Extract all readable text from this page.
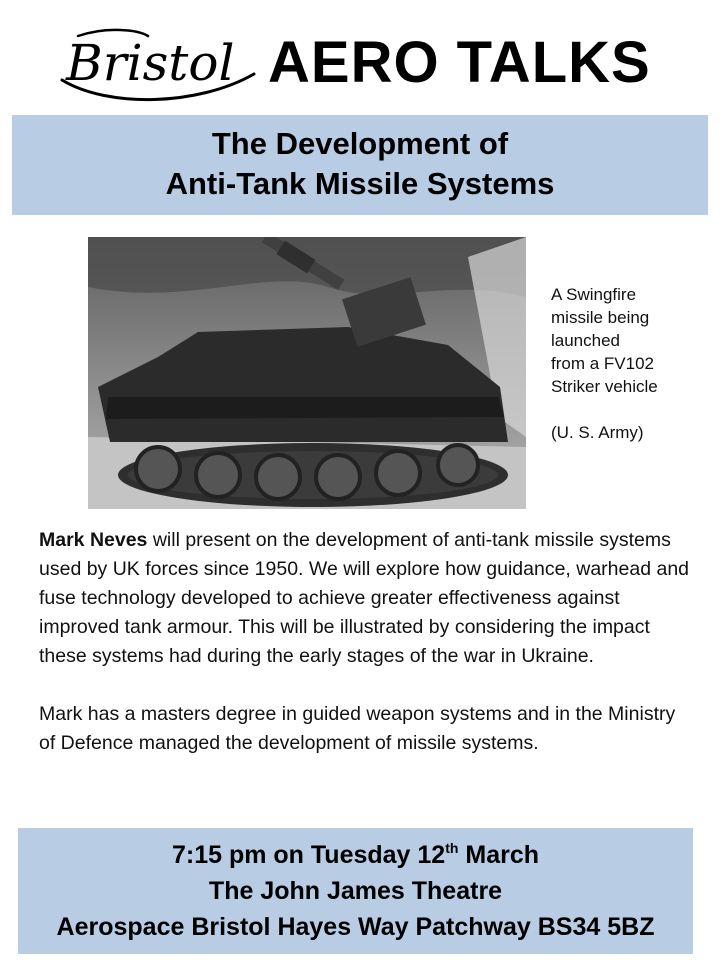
Bristol AERO TALKS
The Development of
Anti-Tank Missile Systems
A Swingfire
missile being
launched
from a FV102
Striker vehicle
(U. S. Army)
Mark Neves will present on the development of anti-tank missile systems used by UK forces since 1950. We will explore how guidance, warhead and fuse technology developed to achieve greater effectiveness against improved tank armour. This will be illustrated by considering the impact these systems had during the early stages of the war in Ukraine.
Mark has a masters degree in guided weapon systems and in the Ministry of Defence managed the development of missile systems.
7:15 pm on Tuesday 12th March
The John James Theatre
Aerospace Bristol Hayes Way Patchway BS34 5BZ
